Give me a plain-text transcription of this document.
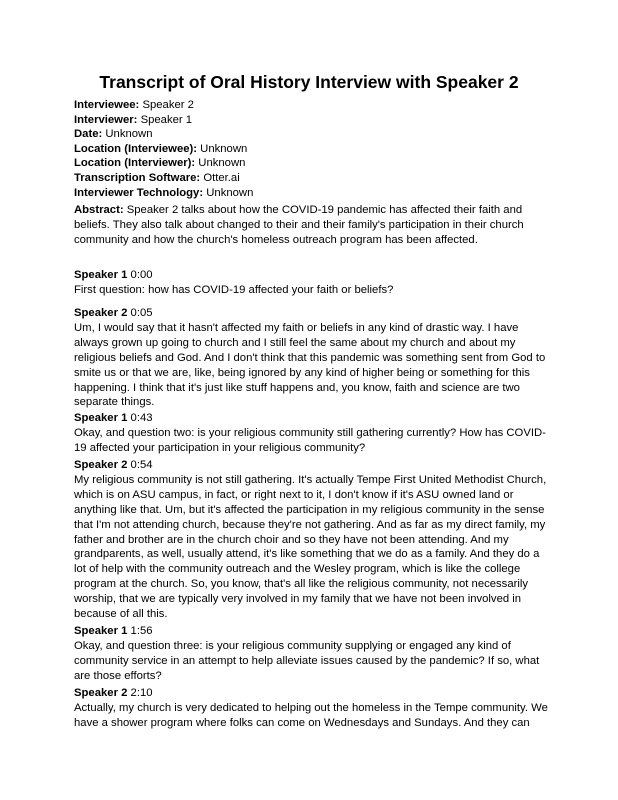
Transcript of Oral History Interview with Speaker 2
Interviewee: Speaker 2
Interviewer: Speaker 1
Date: Unknown
Location (Interviewee): Unknown
Location (Interviewer): Unknown
Transcription Software: Otter.ai
Interviewer Technology: Unknown
Abstract: Speaker 2 talks about how the COVID-19 pandemic has affected their faith and
beliefs. They also talk about changed to their and their family's participation in their church
community and how the church's homeless outreach program has been affected.
Speaker 1 0:00
First question: how has COVID-19 affected your faith or beliefs?
Speaker 2 0:05
Um, I would say that it hasn't affected my faith or beliefs in any kind of drastic way. I have
always grown up going to church and I still feel the same about my church and about my
religious beliefs and God. And I don't think that this pandemic was something sent from God to
smite us or that we are, like, being ignored by any kind of higher being or something for this
happening. I think that it's just like stuff happens and, you know, faith and science are two
separate things.
Speaker 1 0:43
Okay, and question two: is your religious community still gathering currently? How has COVID-
19 affected your participation in your religious community?
Speaker 2 0:54
My religious community is not still gathering. It's actually Tempe First United Methodist Church,
which is on ASU campus, in fact, or right next to it, I don't know if it's ASU owned land or
anything like that. Um, but it's affected the participation in my religious community in the sense
that I'm not attending church, because they're not gathering. And as far as my direct family, my
father and brother are in the church choir and so they have not been attending. And my
grandparents, as well, usually attend, it's like something that we do as a family. And they do a
lot of help with the community outreach and the Wesley program, which is like the college
program at the church. So, you know, that's all like the religious community, not necessarily
worship, that we are typically very involved in my family that we have not been involved in
because of all this.
Speaker 1 1:56
Okay, and question three: is your religious community supplying or engaged any kind of
community service in an attempt to help alleviate issues caused by the pandemic? If so, what
are those efforts?
Speaker 2 2:10
Actually, my church is very dedicated to helping out the homeless in the Tempe community. We
have a shower program where folks can come on Wednesdays and Sundays. And they can
